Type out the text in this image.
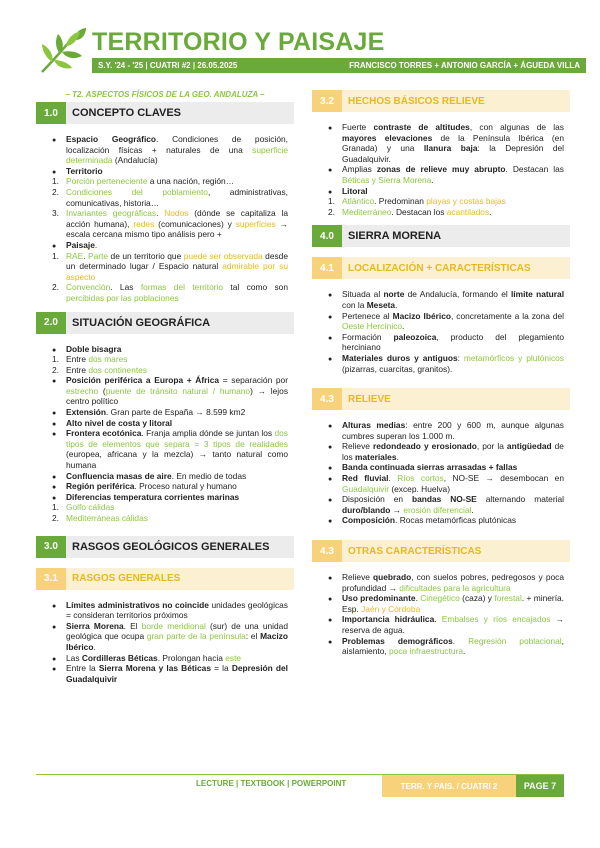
TERRITORIO Y PAISAJE
S.Y. '24 - '25 | CUATRI #2 | 26.05.2025	FRANCISCO TORRES + ANTONIO GARCÍA + ÁGUEDA VILLA
– T2. ASPECTOS FÍSICOS DE LA GEO. ANDALUZA –
1.0	CONCEPTO CLAVES
●
Espacio Geográfico. Condiciones de posición, localización físicas + naturales de una superficie determinada (Andalucía)
●
Territorio
1. Porción perteneciente a una nación, región…
2. Condiciones del poblamiento, administrativas, comunicativas, historia…
3. Invariantes geográficas. Nodos (dónde se capitaliza la acción humana), redes (comunicaciones) y superficies → escala cercana mismo tipo análisis pero +
●
Paisaje.
1. RAE. Parte de un territorio que puede ser observada desde un determinado lugar / Espacio natural admirable por su aspecto
2. Convención. Las formas del territorio tal como son percibidas por las poblaciones
2.0	SITUACIÓN GEOGRÁFICA
●
Doble bisagra
1. Entre dos mares
2. Entre dos continentes
●
Posición periférica a Europa + África = separación por estrecho (puente de tránsito natural / humano) → lejos centro político
●
Extensión. Gran parte de España → 8.599 km2
●
Alto nivel de costa y litoral
●
Frontera ecotónica. Franja amplia dónde se juntan los dos tipos de elementos que separa = 3 tipos de realidades (europea, africana y la mezcla) → tanto natural como humana
●
Confluencia masas de aire. En medio de todas
●
Región periférica. Proceso natural y humano
●
Diferencias temperatura corrientes marinas
1. Golfo cálidas
2. Mediterráneas cálidas
3.0	RASGOS GEOLÓGICOS GENERALES
3.1	RASGOS GENERALES
●
Límites administrativos no coincide unidades geológicas = consideran territorios próximos
●
Sierra Morena. El borde meridional (sur) de una unidad geológica que ocupa gran parte de la península: el Macizo Ibérico.
●
Las Cordilleras Béticas. Prolongan hacia este
●
Entre la Sierra Morena y las Béticas = la Depresión del Guadalquivir
3.2	HECHOS BÁSICOS RELIEVE
●
Fuerte contraste de altitudes, con algunas de las mayores elevaciones de la Península Ibérica (en Granada) y una llanura baja: la Depresión del Guadalquivir.
●
Amplias zonas de relieve muy abrupto. Destacan las Béticas y Sierra Morena.
●
Litoral
1. Atlántico. Predominan playas y costas bajas
2. Mediterráneo. Destacan los acantilados.
4.0	SIERRA MORENA
4.1	LOCALIZACIÓN + CARACTERÍSTICAS
●
Situada al norte de Andalucía, formando el límite natural con la Meseta.
●
Pertenece al Macizo Ibérico, concretamente a la zona del Oeste Hercínico.
●
Formación paleozoica, producto del plegamiento herciniano
●
Materiales duros y antiguos: metamórficos y plutónicos (pizarras, cuarcitas, granitos).
4.3	RELIEVE
●
Alturas medias: entre 200 y 600 m, aunque algunas cumbres superan los 1.000 m.
●
Relieve redondeado y erosionado, por la antigüedad de los materiales.
●
Banda continuada sierras arrasadas + fallas
●
Red fluvial. Ríos cortos, NO-SE → desembocan en Guadalquivir (excep. Huelva)
●
Disposición en bandas NO-SE alternando material duro/blando → erosión diferencial.
●
Composición. Rocas metamórficas plutónicas
4.3	OTRAS CARACTERÍSTICAS
●
Relieve quebrado, con suelos pobres, pedregosos y poca profundidad → dificultades para la agricultura
●
Uso predominante. Cinegético (caza) y forestal. + minería. Esp. Jaén y Córdoba
●
Importancia hidráulica. Embalses y ríos encajados → reserva de agua.
●
Problemas demográficos. Regresión poblacional, aislamiento, poca infraestructura.
LECTURE | TEXTBOOK | POWERPOINT	TERR. Y PAIS. / CUATRI 2	PAGE 7
